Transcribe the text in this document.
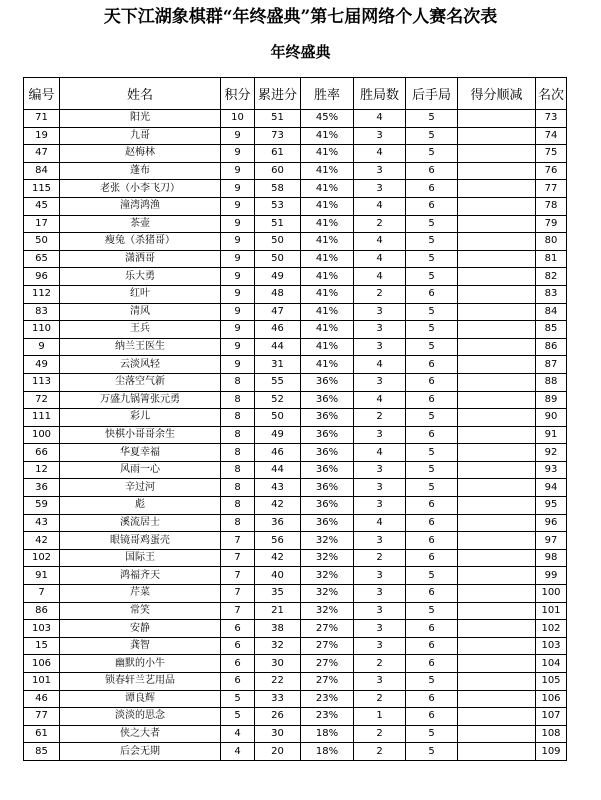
天下江湖象棋群“年终盛典”第七届网络个人赛名次表
年终盛典
编号	姓名	积分	累进分	胜率	胜局数	后手局	得分顺减	名次
71	阳光	10	51	45%	4	5		73
19	九哥	9	73	41%	3	5		74
47	赵梅林	9	61	41%	4	5		75
84	蓬布	9	60	41%	3	6		76
115	老张（小李飞刀）	9	58	41%	3	6		77
45	潼湾鸿渔	9	53	41%	4	6		78
17	茶壶	9	51	41%	2	5		79
50	瘦兔（杀猪哥）	9	50	41%	4	5		80
65	潇洒哥	9	50	41%	4	5		81
96	乐大勇	9	49	41%	4	5		82
112	红叶	9	48	41%	2	6		83
83	清风	9	47	41%	3	5		84
110	王兵	9	46	41%	3	5		85
9	纳兰王医生	9	44	41%	3	5		86
49	云淡风轻	9	31	41%	4	6		87
113	尘落空气新	8	55	36%	3	6		88
72	万盛九锅箐张元勇	8	52	36%	4	6		89
111	彩儿	8	50	36%	2	5		90
100	快棋小哥哥余生	8	49	36%	3	6		91
66	华夏幸福	8	46	36%	4	5		92
12	风雨一心	8	44	36%	3	5		93
36	辛过河	8	43	36%	3	5		94
59	彪	8	42	36%	3	6		95
43	溪流居士	8	36	36%	4	6		96
42	眼镜哥鸡蛋壳	7	56	32%	3	6		97
102	国际王	7	42	32%	2	6		98
91	鸿福齐天	7	40	32%	3	5		99
7	芹菜	7	35	32%	3	6		100
86	常笑	7	21	32%	3	5		101
103	安静	6	38	27%	3	6		102
15	龚智	6	32	27%	3	6		103
106	幽默的小牛	6	30	27%	2	6		104
101	锁春轩兰艺用品	6	22	27%	3	5		105
46	谭良辉	5	33	23%	2	6		106
77	淡淡的思念	5	26	23%	1	6		107
61	侠之大者	4	30	18%	2	5		108
85	后会无期	4	20	18%	2	5		109
